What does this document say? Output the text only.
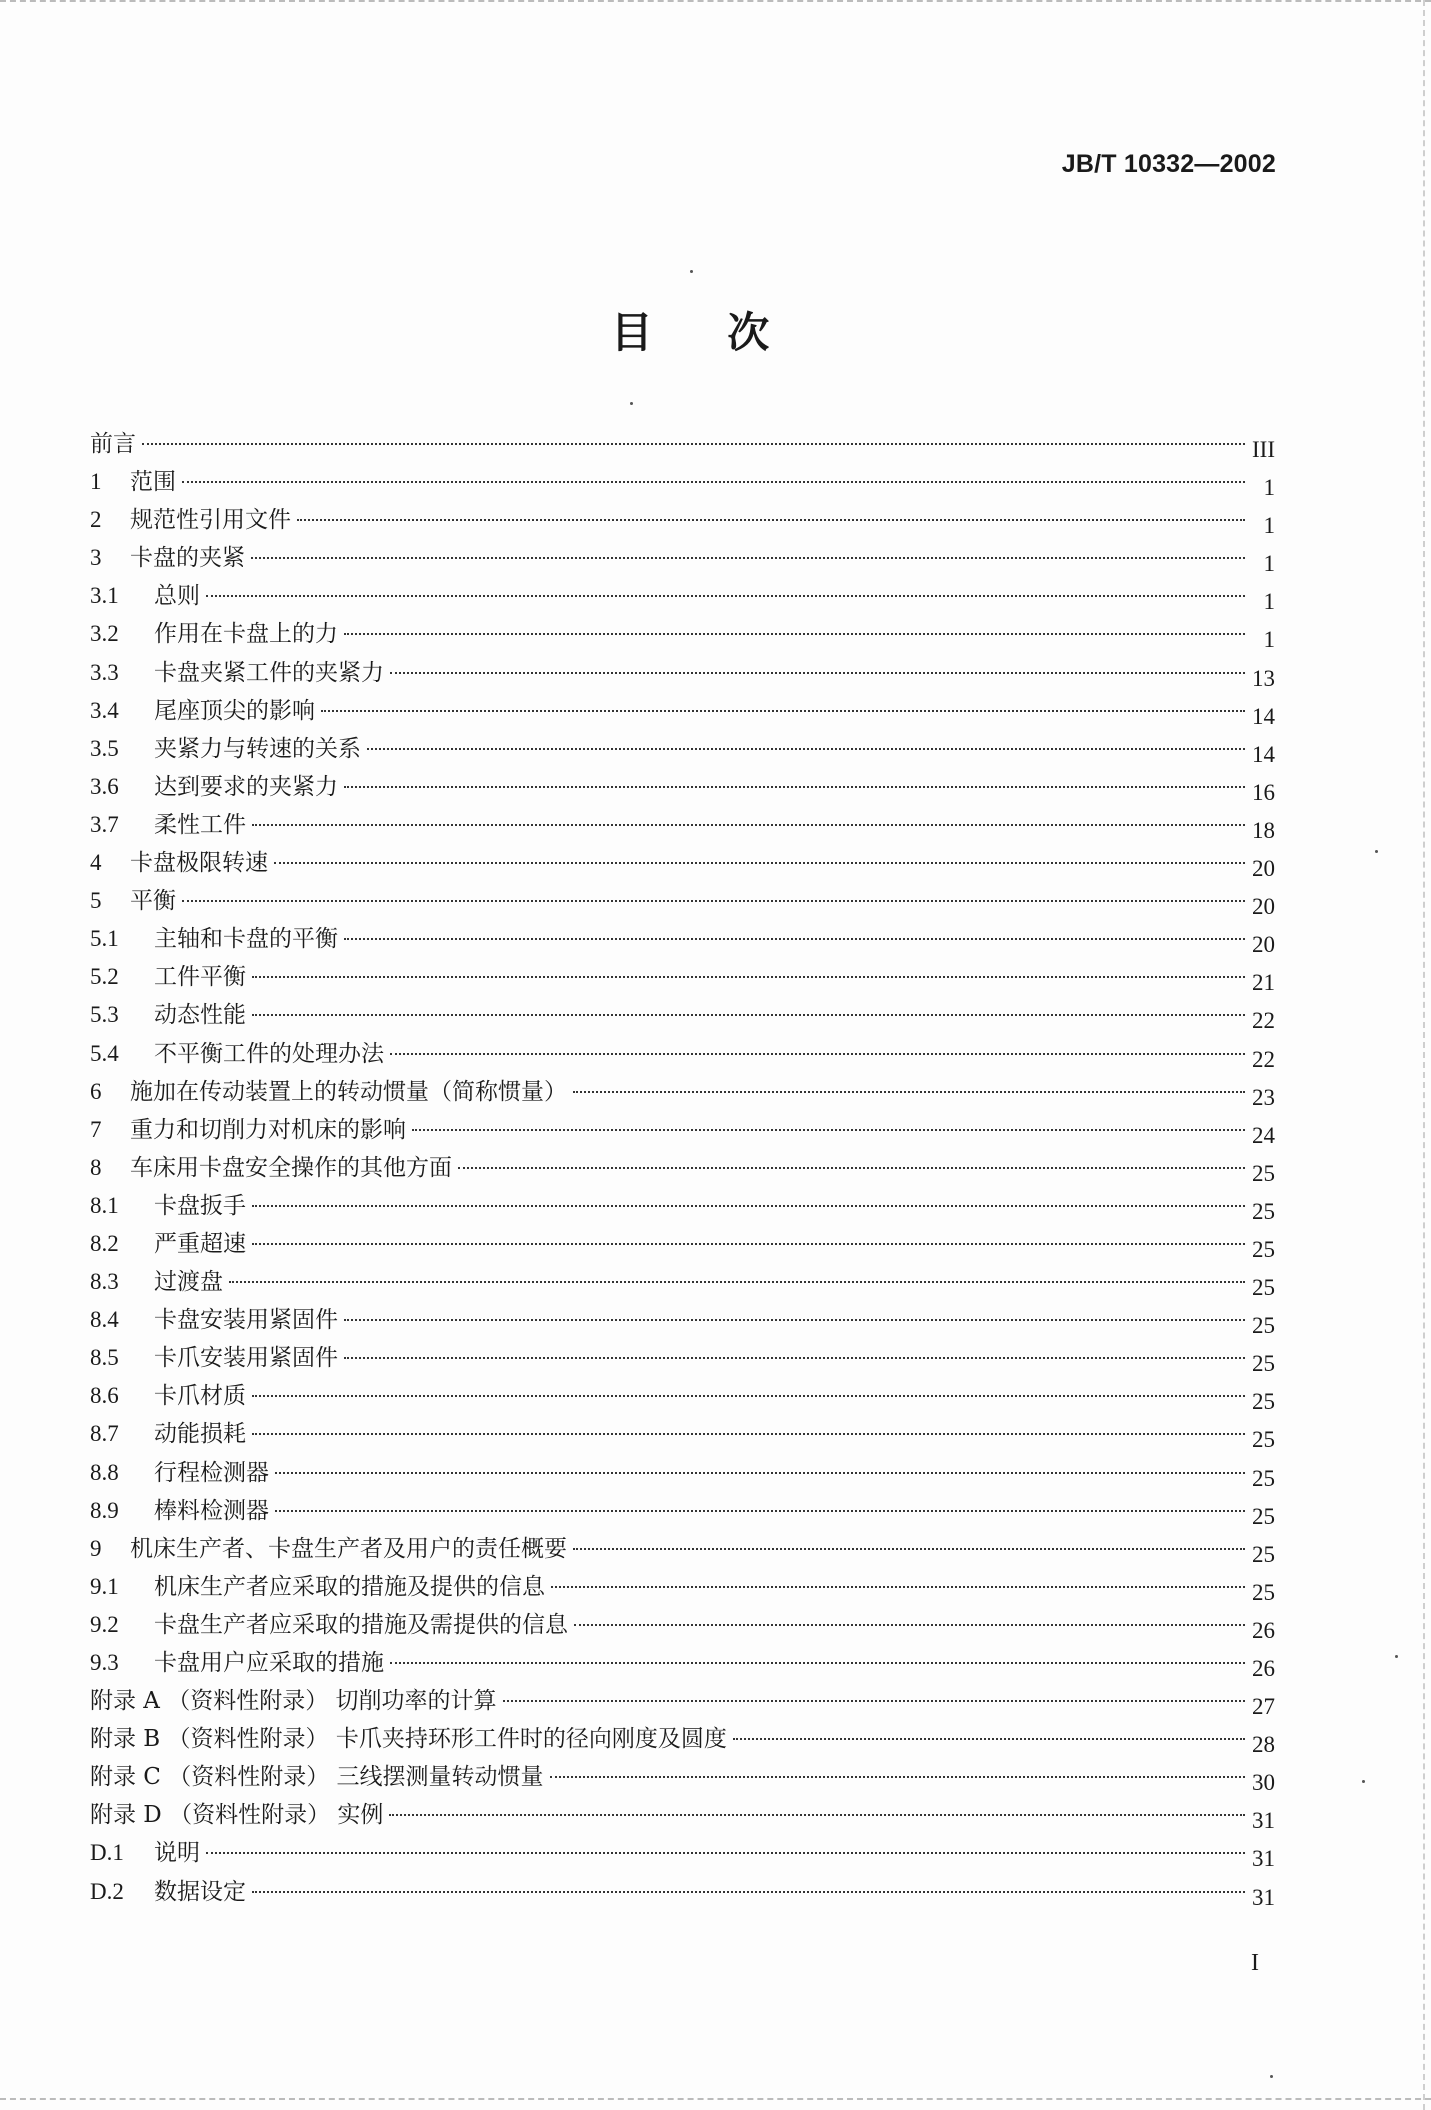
JB/T 10332—2002
目 次
前言	III
1	范围	1
2	规范性引用文件	1
3	卡盘的夹紧	1
3.1	总则	1
3.2	作用在卡盘上的力	1
3.3	卡盘夹紧工件的夹紧力	13
3.4	尾座顶尖的影响	14
3.5	夹紧力与转速的关系	14
3.6	达到要求的夹紧力	16
3.7	柔性工件	18
4	卡盘极限转速	20
5	平衡	20
5.1	主轴和卡盘的平衡	20
5.2	工件平衡	21
5.3	动态性能	22
5.4	不平衡工件的处理办法	22
6	施加在传动装置上的转动惯量（简称惯量）	23
7	重力和切削力对机床的影响	24
8	车床用卡盘安全操作的其他方面	25
8.1	卡盘扳手	25
8.2	严重超速	25
8.3	过渡盘	25
8.4	卡盘安装用紧固件	25
8.5	卡爪安装用紧固件	25
8.6	卡爪材质	25
8.7	动能损耗	25
8.8	行程检测器	25
8.9	棒料检测器	25
9	机床生产者、卡盘生产者及用户的责任概要	25
9.1	机床生产者应采取的措施及提供的信息	25
9.2	卡盘生产者应采取的措施及需提供的信息	26
9.3	卡盘用户应采取的措施	26
附录 A （资料性附录） 切削功率的计算	27
附录 B （资料性附录） 卡爪夹持环形工件时的径向刚度及圆度	28
附录 C （资料性附录） 三线摆测量转动惯量	30
附录 D （资料性附录） 实例	31
D.1	说明	31
D.2	数据设定	31
I
